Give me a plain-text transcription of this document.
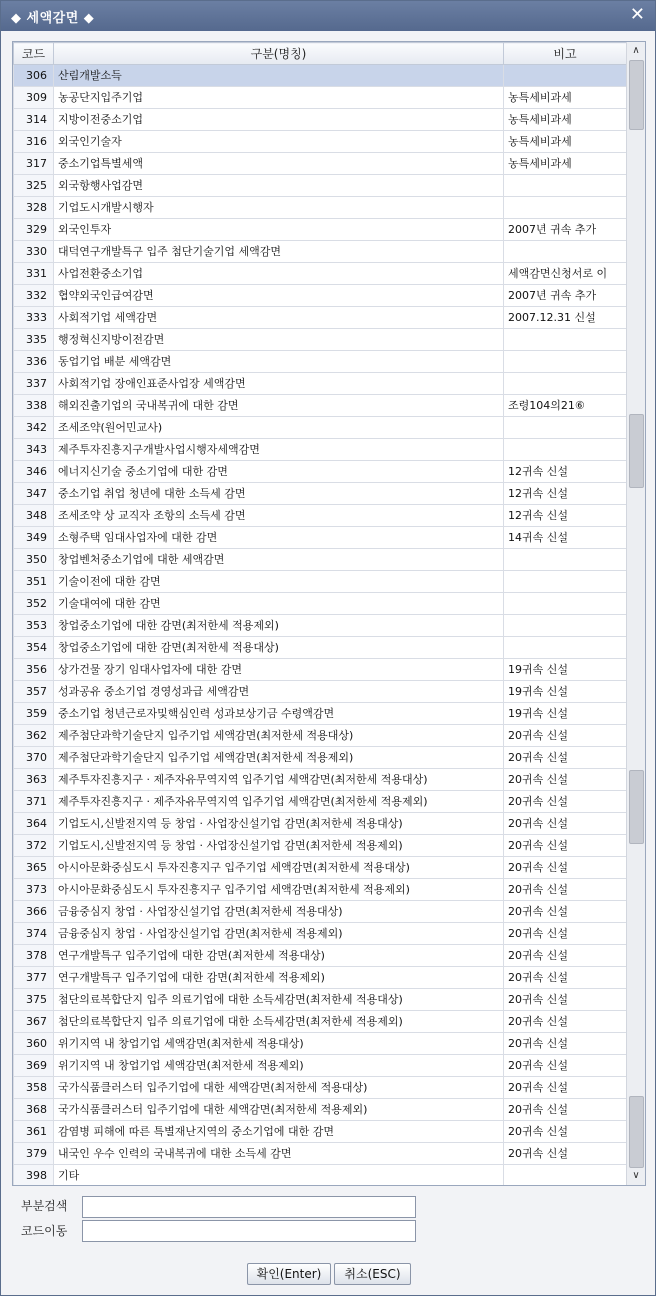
◆ 세액감면 ◆	✕
코드	구분(명칭)	비고
306	산림개발소득	
309	농공단지입주기업	농특세비과세
314	지방이전중소기업	농특세비과세
316	외국인기술자	농특세비과세
317	중소기업특별세액	농특세비과세
325	외국항행사업감면	
328	기업도시개발시행자	
329	외국인투자	2007년 귀속 추가
330	대덕연구개발특구 입주 첨단기술기업 세액감면	
331	사업전환중소기업	세액감면신청서로 이
332	협약외국인급여감면	2007년 귀속 추가
333	사회적기업 세액감면	2007.12.31 신설
335	행정혁신지방이전감면	
336	동업기업 배분 세액감면	
337	사회적기업 장애인표준사업장 세액감면	
338	해외진출기업의 국내복귀에 대한 감면	조령104의21⑥
342	조세조약(원어민교사)	
343	제주투자진흥지구개발사업시행자세액감면	
346	에너지신기술 중소기업에 대한 감면	12귀속 신설
347	중소기업 취업 청년에 대한 소득세 감면	12귀속 신설
348	조세조약 상 교직자 조항의 소득세 감면	12귀속 신설
349	소형주택 임대사업자에 대한 감면	14귀속 신설
350	창업벤처중소기업에 대한 세액감면	
351	기술이전에 대한 감면	
352	기술대여에 대한 감면	
353	창업중소기업에 대한 감면(최저한세 적용제외)	
354	창업중소기업에 대한 감면(최저한세 적용대상)	
356	상가건물 장기 임대사업자에 대한 감면	19귀속 신설
357	성과공유 중소기업 경영성과급 세액감면	19귀속 신설
359	중소기업 청년근로자및핵심인력 성과보상기금 수령액감면	19귀속 신설
362	제주첨단과학기술단지 입주기업 세액감면(최저한세 적용대상)	20귀속 신설
370	제주첨단과학기술단지 입주기업 세액감면(최저한세 적용제외)	20귀속 신설
363	제주투자진흥지구 · 제주자유무역지역 입주기업 세액감면(최저한세 적용대상)	20귀속 신설
371	제주투자진흥지구 · 제주자유무역지역 입주기업 세액감면(최저한세 적용제외)	20귀속 신설
364	기업도시,신발전지역 등 창업 · 사업장신설기업 감면(최저한세 적용대상)	20귀속 신설
372	기업도시,신발전지역 등 창업 · 사업장신설기업 감면(최저한세 적용제외)	20귀속 신설
365	아시아문화중심도시 투자진흥지구 입주기업 세액감면(최저한세 적용대상)	20귀속 신설
373	아시아문화중심도시 투자진흥지구 입주기업 세액감면(최저한세 적용제외)	20귀속 신설
366	금융중심지 창업 · 사업장신설기업 감면(최저한세 적용대상)	20귀속 신설
374	금융중심지 창업 · 사업장신설기업 감면(최저한세 적용제외)	20귀속 신설
378	연구개발특구 입주기업에 대한 감면(최저한세 적용대상)	20귀속 신설
377	연구개발특구 입주기업에 대한 감면(최저한세 적용제외)	20귀속 신설
375	첨단의료복합단지 입주 의료기업에 대한 소득세감면(최저한세 적용대상)	20귀속 신설
367	첨단의료복합단지 입주 의료기업에 대한 소득세감면(최저한세 적용제외)	20귀속 신설
360	위기지역 내 창업기업 세액감면(최저한세 적용대상)	20귀속 신설
369	위기지역 내 창업기업 세액감면(최저한세 적용제외)	20귀속 신설
358	국가식품클러스터 입주기업에 대한 세액감면(최저한세 적용대상)	20귀속 신설
368	국가식품클러스터 입주기업에 대한 세액감면(최저한세 적용제외)	20귀속 신설
361	감염병 피해에 따른 특별재난지역의 중소기업에 대한 감면	20귀속 신설
379	내국인 우수 인력의 국내복귀에 대한 소득세 감면	20귀속 신설
398	기타	
∧
∨
부분검색
코드이동
확인(Enter)	취소(ESC)
